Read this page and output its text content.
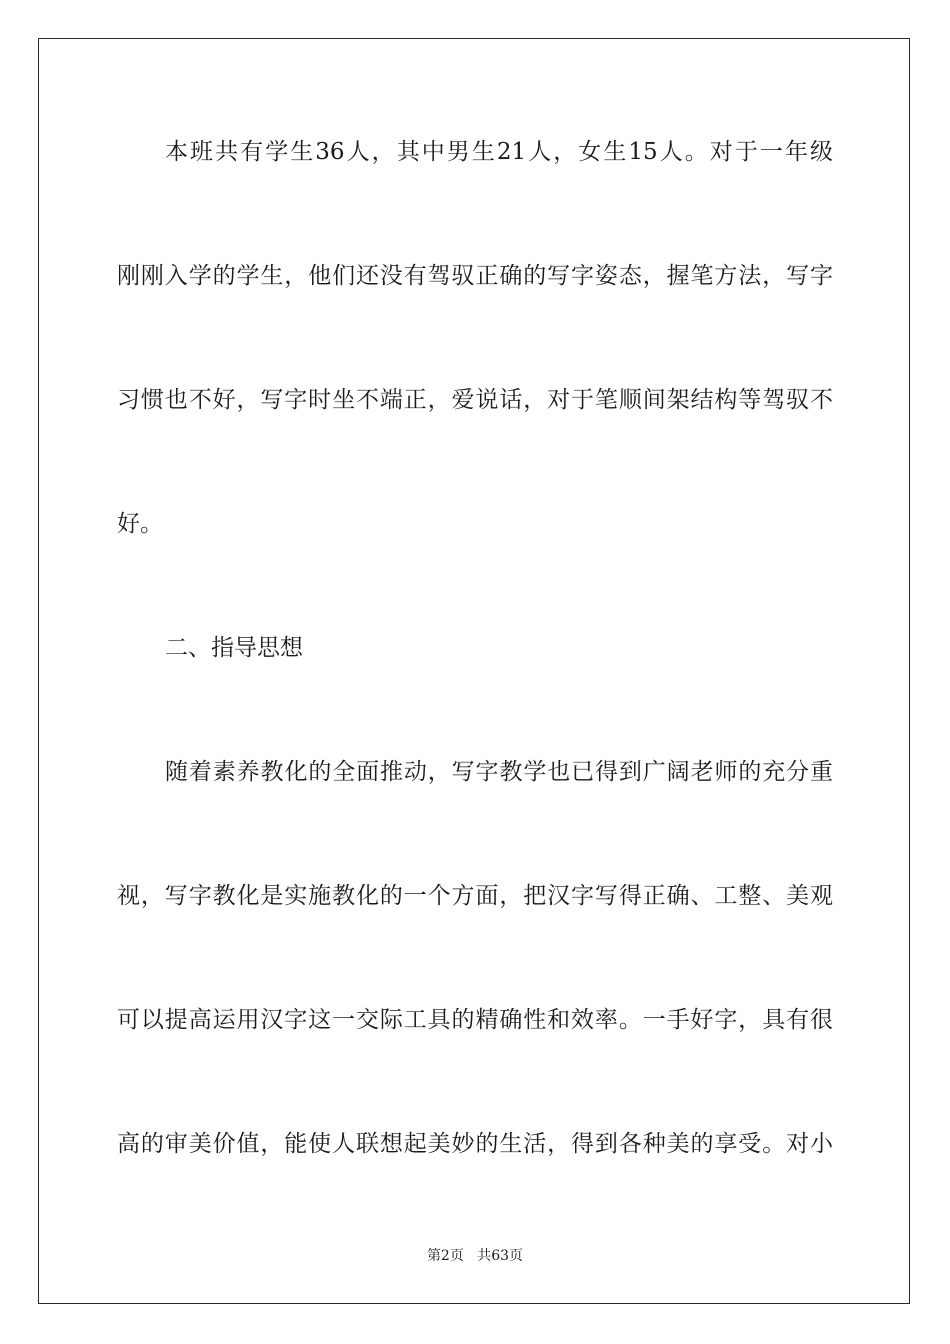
本班共有学生36人，其中男生21人，女生15人。对于一年级
刚刚入学的学生，他们还没有驾驭正确的写字姿态，握笔方法，写字
习惯也不好，写字时坐不端正，爱说话，对于笔顺间架结构等驾驭不
好。
二、指导思想
随着素养教化的全面推动，写字教学也已得到广阔老师的充分重
视，写字教化是实施教化的一个方面，把汉字写得正确、工整、美观
可以提高运用汉字这一交际工具的精确性和效率。一手好字，具有很
高的审美价值，能使人联想起美妙的生活，得到各种美的享受。对小
第2页 共63页
